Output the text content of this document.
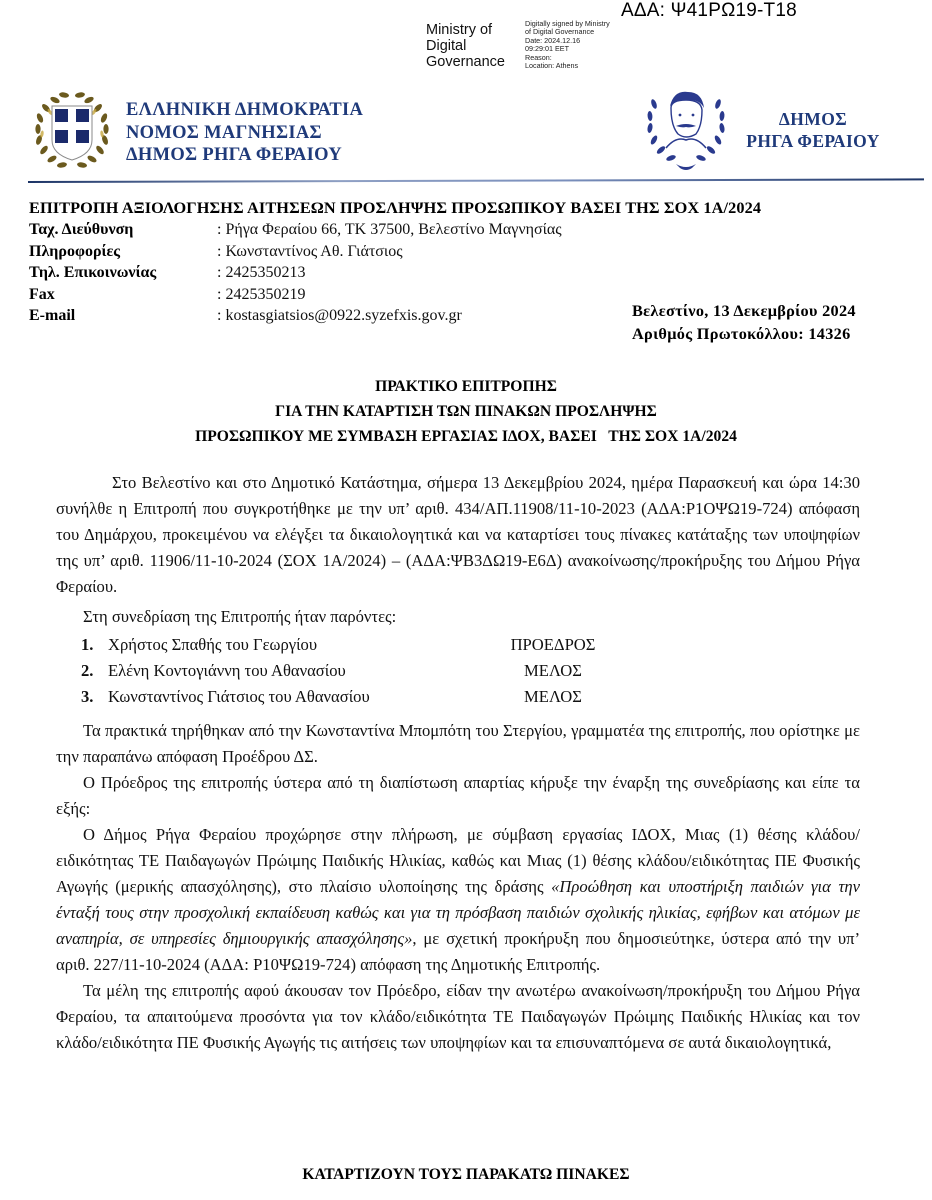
ΑΔΑ: Ψ41ΡΩ19-Τ18
Ministry of
Digital
Governance
Digitally signed by Ministry
of Digital Governance
Date: 2024.12.16
09:29:01 EET
Reason:
Location: Athens
ΕΛΛΗΝΙΚΗ ΔΗΜΟΚΡΑΤΙΑ
ΝΟΜΟΣ ΜΑΓΝΗΣΙΑΣ
ΔΗΜΟΣ ΡΗΓΑ ΦΕΡΑΙΟΥ
ΔΗΜΟΣ
ΡΗΓΑ ΦΕΡΑΙΟΥ
ΕΠΙΤΡΟΠΗ ΑΞΙΟΛΟΓΗΣΗΣ ΑΙΤΗΣΕΩΝ ΠΡΟΣΛΗΨΗΣ ΠΡΟΣΩΠΙΚΟΥ ΒΑΣΕΙ ΤΗΣ ΣΟΧ 1Α/2024
Ταχ. Διεύθυνση	: Ρήγα Φεραίου 66, ΤΚ 37500, Βελεστίνο Μαγνησίας
Πληροφορίες	: Κωνσταντίνος Αθ. Γιάτσιος
Τηλ. Επικοινωνίας	: 2425350213
Fax	: 2425350219
E-mail	: kostasgiatsios@0922.syzefxis.gov.gr	Βελεστίνο, 13 Δεκεμβρίου 2024
Αριθμός Πρωτοκόλλου: 14326
ΠΡΑΚΤΙΚΟ ΕΠΙΤΡΟΠΗΣ
ΓΙΑ ΤΗΝ ΚΑΤΑΡΤΙΣΗ ΤΩΝ ΠΙΝΑΚΩΝ ΠΡΟΣΛΗΨΗΣ
ΠΡΟΣΩΠΙΚΟΥ ΜΕ ΣΥΜΒΑΣΗ ΕΡΓΑΣΙΑΣ ΙΔΟΧ, ΒΑΣΕΙ   ΤΗΣ ΣΟΧ 1Α/2024

Στο Βελεστίνο και στο Δημοτικό Κατάστημα, σήμερα 13 Δεκεμβρίου 2024, ημέρα Παρασκευή και ώρα 14:30 συνήλθε η Επιτροπή που συγκροτήθηκε με την υπ’ αριθ. 434/ΑΠ.11908/11-10-2023 (ΑΔΑ:Ρ1ΟΨΩ19-724) απόφαση του Δημάρχου, προκειμένου να ελέγξει τα δικαιολογητικά και να καταρτίσει τους πίνακες κατάταξης των υποψηφίων της υπ’ αριθ. 11906/11-10-2024 (ΣΟΧ 1Α/2024) – (ΑΔΑ:ΨΒ3ΔΩ19-Ε6Δ) ανακοίνωσης/προκήρυξης του Δήμου Ρήγα Φεραίου.

Στη συνεδρίαση της Επιτροπής ήταν παρόντες:

1. Χρήστος Σπαθής του Γεωργίου	ΠΡΟΕΔΡΟΣ
2. Ελένη Κοντογιάννη του Αθανασίου	ΜΕΛΟΣ
3. Κωνσταντίνος Γιάτσιος του Αθανασίου	ΜΕΛΟΣ

Τα πρακτικά τηρήθηκαν από την Κωνσταντίνα Μπομπότη του Στεργίου, γραμματέα της επιτροπής, που ορίστηκε με την παραπάνω απόφαση Προέδρου ΔΣ.

Ο Πρόεδρος της επιτροπής ύστερα από τη διαπίστωση απαρτίας κήρυξε την έναρξη της συνεδρίασης και είπε τα εξής:

Ο Δήμος Ρήγα Φεραίου προχώρησε στην πλήρωση, με σύμβαση εργασίας ΙΔΟΧ, Μιας (1) θέσης κλάδου/ειδικότητας ΤΕ Παιδαγωγών Πρώιμης Παιδικής Ηλικίας, καθώς και Μιας (1) θέσης κλάδου/ειδικότητας ΠΕ Φυσικής Αγωγής (μερικής απασχόλησης), στο πλαίσιο υλοποίησης της δράσης «Προώθηση και υποστήριξη παιδιών για την ένταξή τους στην προσχολική εκπαίδευση καθώς και για τη πρόσβαση παιδιών σχολικής ηλικίας, εφήβων και ατόμων με αναπηρία, σε υπηρεσίες δημιουργικής απασχόλησης», με σχετική προκήρυξη που δημοσιεύτηκε, ύστερα από την υπ’ αριθ. 227/11-10-2024 (ΑΔΑ: Ρ10ΨΩ19-724) απόφαση της Δημοτικής Επιτροπής.

Τα μέλη της επιτροπής αφού άκουσαν τον Πρόεδρο, είδαν την ανωτέρω ανακοίνωση/προκήρυξη του Δήμου Ρήγα Φεραίου, τα απαιτούμενα προσόντα για τον κλάδο/ειδικότητα ΤΕ Παιδαγωγών Πρώιμης Παιδικής Ηλικίας και τον κλάδο/ειδικότητα ΠΕ Φυσικής Αγωγής τις αιτήσεις των υποψηφίων και τα επισυναπτόμενα σε αυτά δικαιολογητικά,

ΚΑΤΑΡΤΙΖΟΥΝ ΤΟΥΣ ΠΑΡΑΚΑΤΩ ΠΙΝΑΚΕΣ
